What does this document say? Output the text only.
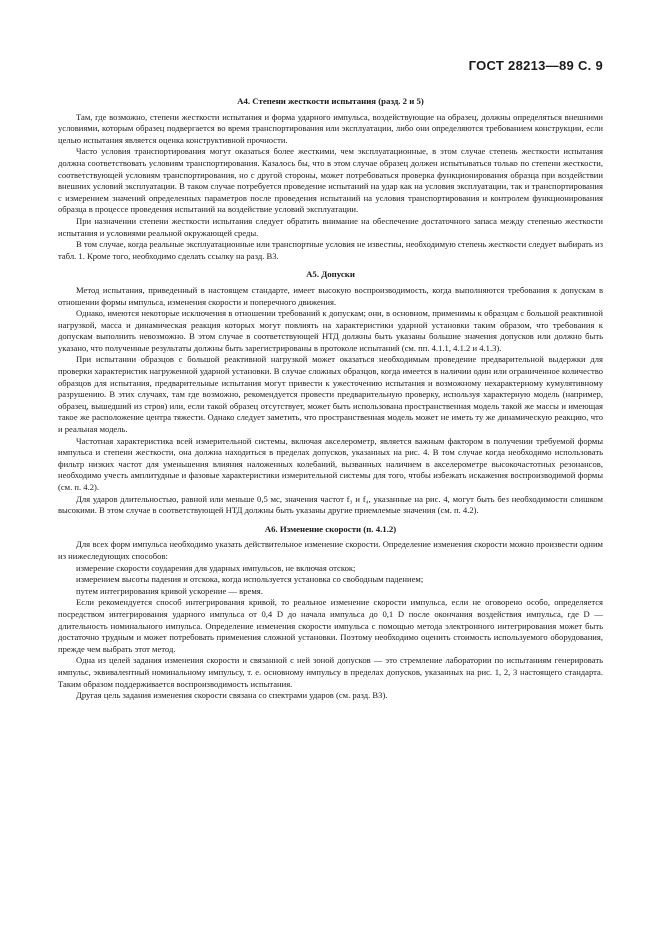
ГОСТ 28213—89 С. 9
А4. Степени жесткости испытания (разд. 2 и 5)

Там, где возможно, степени жесткости испытания и форма ударного импульса, воздействующие на образец, должны определяться внешними условиями, которым образец подвергается во время транспортирования или эксплуатации, либо они определяются требованием конструкции, если целью испытания является оценка конструктивной прочности.

Часто условия транспортирования могут оказаться более жесткими, чем эксплуатационные, в этом случае степень жесткости испытания должна соответствовать условиям транспортирования. Казалось бы, что в этом случае образец должен испытываться только по степени жесткости, соответствующей условиям транспортирования, но с другой стороны, может потребоваться проверка функционирования образца при воздействии внешних условий эксплуатации. В таком случае потребуется проведение испытаний на удар как на условия эксплуатации, так и транспортирования с измерением значений определенных параметров после проведения испытаний на условия транспортирования и контролем функционирования образца в процессе проведения испытаний на воздействие условий эксплуатации.

При назначении степени жесткости испытания следует обратить внимание на обеспечение достаточного запаса между степенью жесткости испытания и условиями реальной окружающей среды.

В том случае, когда реальные эксплуатационные или транспортные условия не известны, необходимую степень жесткости следует выбирать из табл. 1. Кроме того, необходимо сделать ссылку на разд. В3.

А5. Допуски

Метод испытания, приведенный в настоящем стандарте, имеет высокую воспроизводимость, когда выполняются требования к допускам в отношении формы импульса, изменения скорости и поперечного движения.

Однако, имеются некоторые исключения в отношении требований к допускам; они, в основном, применимы к образцам с большой реактивной нагрузкой, масса и динамическая реакция которых могут повлиять на характеристики ударной установки таким образом, что требования к допускам выполнить невозможно. В этом случае в соответствующей НТД должны быть указаны большие значения допусков или должно быть указано, что полученные результаты должны быть зарегистрированы в протоколе испытаний (см. пп. 4.1.1, 4.1.2 и 4.1.3).

При испытании образцов с большой реактивной нагрузкой может оказаться необходимым проведение предварительной выдержки для проверки характеристик нагруженной ударной установки. В случае сложных образцов, когда имеется в наличии один или ограниченное количество образцов для испытания, предварительные испытания могут привести к ужесточению испытания и возможному нехарактерному кумулятивному разрушению. В этих случаях, там где возможно, рекомендуется провести предварительную проверку, используя характерную модель (например, образец, вышедший из строя) или, если такой образец отсутствует, может быть использована пространственная модель такой же массы и имеющая такое же расположение центра тяжести. Однако следует заметить, что пространственная модель может не иметь ту же динамическую реакцию, что и реальная модель.

Частотная характеристика всей измерительной системы, включая акселерометр, является важным фактором в получении требуемой формы импульса и степени жесткости, она должна находиться в пределах допусков, указанных на рис. 4. В том случае когда необходимо использовать фильтр низких частот для уменьшения влияния наложенных колебаний, вызванных наличием в акселерометре высокочастотных резонансов, необходимо учесть амплитудные и фазовые характеристики измерительной системы для того, чтобы избежать искажения воспроизводимой формы (см. п. 4.2).

Для ударов длительностью, равной или меньше 0,5 мс, значения частот f₃ и f₄, указанные на рис. 4, могут быть без необходимости слишком высокими. В этом случае в соответствующей НТД должны быть указаны другие приемлемые значения (см. п. 4.2).

А6. Изменение скорости (п. 4.1.2)

Для всех форм импульса необходимо указать действительное изменение скорости. Определение изменения скорости можно произвести одним из нижеследующих способов:

измерение скорости соударения для ударных импульсов, не включая отскок;

измерением высоты падения и отскока, когда используется установка со свободным падением;

путем интегрирования кривой ускорение — время.

Если рекомендуется способ интегрирования кривой, то реальное изменение скорости импульса, если не оговорено особо, определяется посредством интегрирования ударного импульса от 0,4 D до начала импульса до 0,1 D после окончания воздействия импульса, где D — длительность номинального импульса. Определение изменения скорости импульса с помощью метода электронного интегрирования может быть достаточно трудным и может потребовать применения сложной установки. Поэтому необходимо оценить стоимость используемого оборудования, прежде чем выбрать этот метод.

Одна из целей задания изменения скорости и связанной с ней зоной допусков — это стремление лаборатории по испытаниям генерировать импульс, эквивалентный номинальному импульсу, т. е. основному импульсу в пределах допусков, указанных на рис. 1, 2, 3 настоящего стандарта. Таким образом поддерживается воспроизводимость испытания.

Другая цель задания изменения скорости связана со спектрами ударов (см. разд. В3).
